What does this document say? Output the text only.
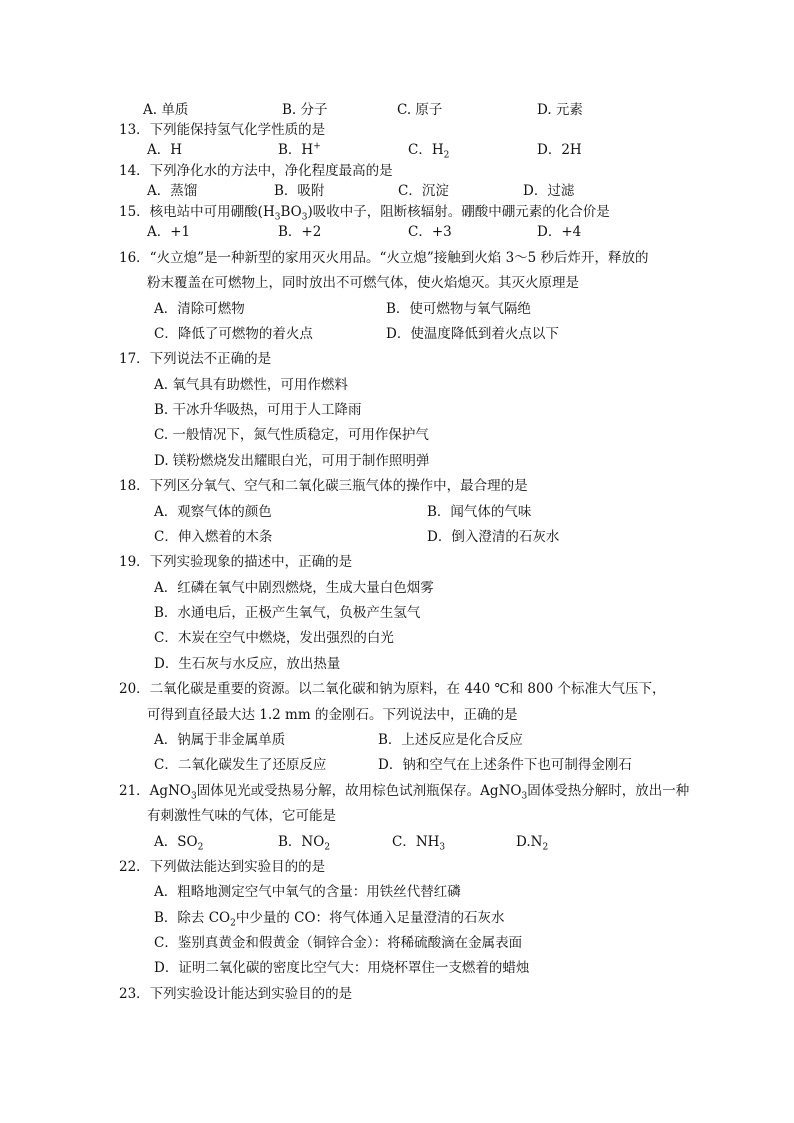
A. 单质	B. 分子	C. 原子	D. 元素
13．下列能保持氢气化学性质的是
A．H	B．H+	C．$H_2$	D．2H
14．下列净化水的方法中，净化程度最高的是
A．蒸馏	B．吸附	C．沉淀	D．过滤
15．核电站中可用硼酸$(H_3BO_3)$吸收中子，阻断核辐射。硼酸中硼元素的化合价是
A．+1	B．+2	C．+3	D．+4
16．“火立熄”是一种新型的家用灭火用品。“火立熄”接触到火焰 3～5 秒后炸开，释放的
粉末覆盖在可燃物上，同时放出不可燃气体，使火焰熄灭。其灭火原理是
A．清除可燃物	B．使可燃物与氧气隔绝
C．降低了可燃物的着火点	D．使温度降低到着火点以下
17．下列说法不正确的是
A. 氧气具有助燃性，可用作燃料
B. 干冰升华吸热，可用于人工降雨
C. 一般情况下，氮气性质稳定，可用作保护气
D. 镁粉燃烧发出耀眼白光，可用于制作照明弹
18．下列区分氧气、空气和二氧化碳三瓶气体的操作中，最合理的是
A．观察气体的颜色	B．闻气体的气味
C．伸入燃着的木条	D．倒入澄清的石灰水
19．下列实验现象的描述中，正确的是
A．红磷在氧气中剧烈燃烧，生成大量白色烟雾
B．水通电后，正极产生氧气，负极产生氢气
C．木炭在空气中燃烧，发出强烈的白光
D．生石灰与水反应，放出热量
20．二氧化碳是重要的资源。以二氧化碳和钠为原料，在 440 ℃和 800 个标准大气压下，
可得到直径最大达 1.2 mm 的金刚石。下列说法中，正确的是
A．钠属于非金属单质	B．上述反应是化合反应
C．二氧化碳发生了还原反应	D．钠和空气在上述条件下也可制得金刚石
21．AgNO$_3$固体见光或受热易分解，故用棕色试剂瓶保存。AgNO$_3$固体受热分解时，放出一种
有刺激性气味的气体，它可能是
A．$SO_2$	B．$NO_2$	C．$NH_3$	$D.N_2$
22．下列做法能达到实验目的的是
A．粗略地测定空气中氧气的含量：用铁丝代替红磷
B．除去 $CO_2$中少量的 CO：将气体通入足量澄清的石灰水
C．鉴别真黄金和假黄金（铜锌合金）：将稀硫酸滴在金属表面
D．证明二氧化碳的密度比空气大：用烧杯罩住一支燃着的蜡烛
23．下列实验设计能达到实验目的的是
